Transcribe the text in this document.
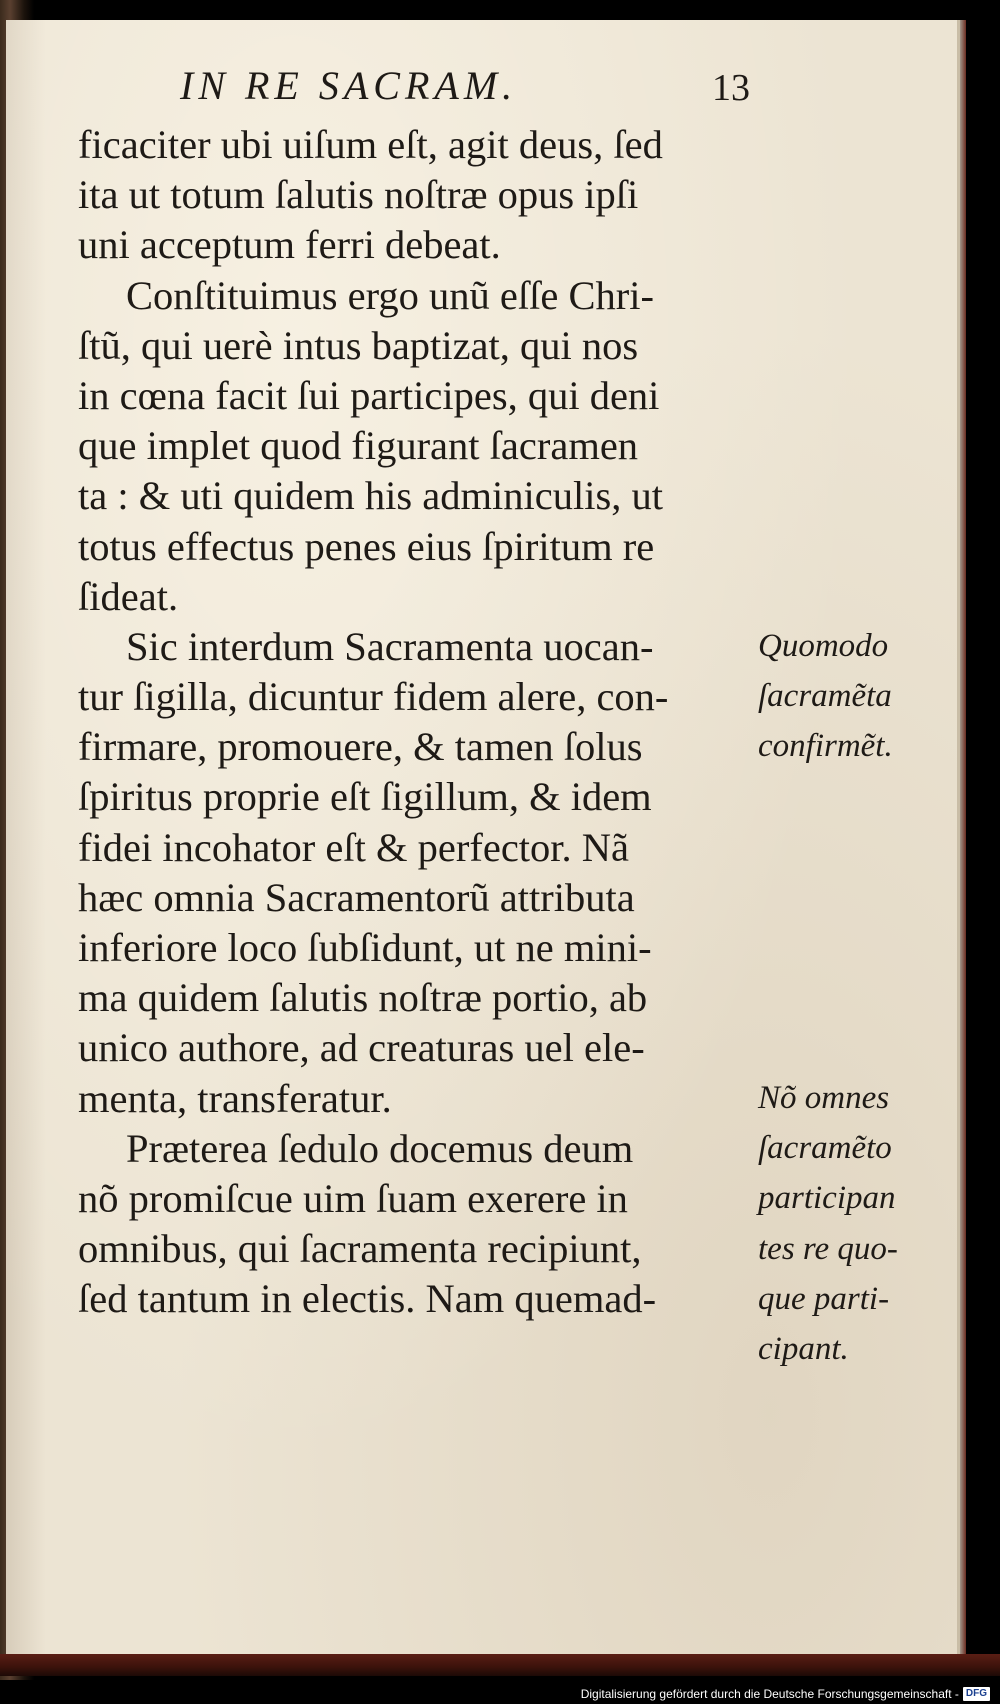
IN RE SACRAM.	13
ficaciter ubi uiſum eſt, agit deus, ſed
ita ut totum ſalutis noſtræ opus ipſi
uni acceptum ferri debeat.
Conſtituimus ergo unũ eſſe Chri-
ſtũ, qui uerè intus baptizat, qui nos
in cœna facit ſui participes, qui deni
que implet quod figurant ſacramen
ta : & uti quidem his adminiculis, ut
totus effectus penes eius ſpiritum re
ſideat.
Sic interdum Sacramenta uocan-
tur ſigilla, dicuntur fidem alere, con-
firmare, promouere, & tamen ſolus
ſpiritus proprie eſt ſigillum, & idem
fidei incohator eſt & perfector. Nã
hæc omnia Sacramentorũ attributa
inferiore loco ſubſidunt, ut ne mini-
ma quidem ſalutis noſtræ portio, ab
unico authore, ad creaturas uel ele-
menta, transferatur.
Præterea ſedulo docemus deum
nõ promiſcue uim ſuam exerere in
omnibus, qui ſacramenta recipiunt,
ſed tantum in electis. Nam quemad-
Quomodo
ſacramẽta
confirmẽt.
Nõ omnes
ſacramẽto
participan
tes re quo-
que parti-
cipant.
Digitalisierung gefördert durch die Deutsche Forschungsgemeinschaft - DFG
